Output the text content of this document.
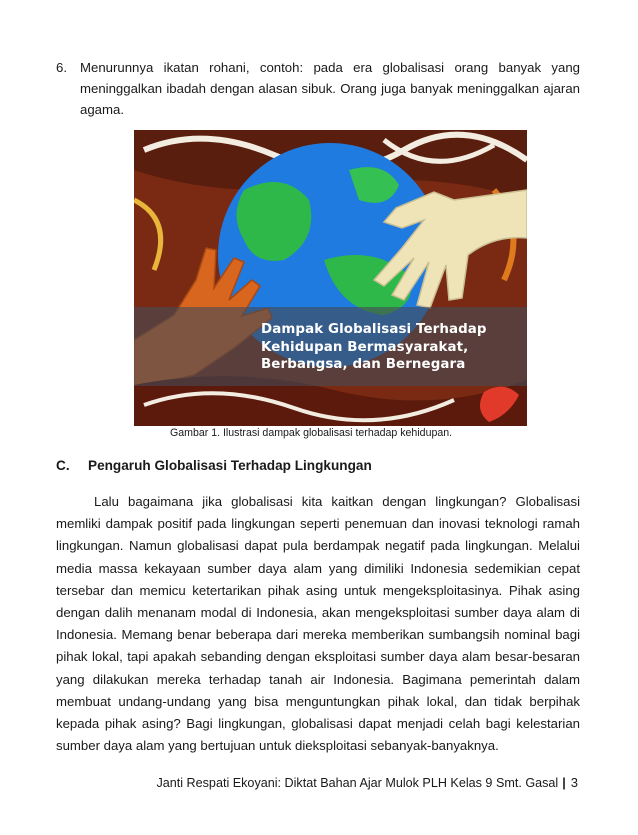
6. Menurunnya ikatan rohani, contoh: pada era globalisasi orang banyak yang meninggalkan ibadah dengan alasan sibuk. Orang juga banyak meninggalkan ajaran agama.
Dampak Globalisasi Terhadap Kehidupan Bermasyarakat, Berbangsa, dan Bernegara
Gambar 1. Ilustrasi dampak globalisasi terhadap kehidupan.
C. Pengaruh Globalisasi Terhadap Lingkungan
Lalu bagaimana jika globalisasi kita kaitkan dengan lingkungan? Globalisasi memliki dampak positif pada lingkungan seperti penemuan dan inovasi teknologi ramah lingkungan. Namun globalisasi dapat pula berdampak negatif pada lingkungan. Melalui media massa kekayaan sumber daya alam yang dimiliki Indonesia sedemikian cepat tersebar dan memicu ketertarikan pihak asing untuk mengeksploitasinya. Pihak asing dengan dalih menanam modal di Indonesia, akan mengeksploitasi sumber daya alam di Indonesia. Memang benar beberapa dari mereka memberikan sumbangsih nominal bagi pihak lokal, tapi apakah sebanding dengan eksploitasi sumber daya alam besar-besaran yang dilakukan mereka terhadap tanah air Indonesia. Bagimana pemerintah dalam membuat undang-undang yang bisa menguntungkan pihak lokal, dan tidak berpihak kepada pihak asing? Bagi lingkungan, globalisasi dapat menjadi celah bagi kelestarian sumber daya alam yang bertujuan untuk dieksploitasi sebanyak-banyaknya.
Janti Respati Ekoyani: Diktat Bahan Ajar Mulok PLH Kelas 9 Smt. Gasal | 3
